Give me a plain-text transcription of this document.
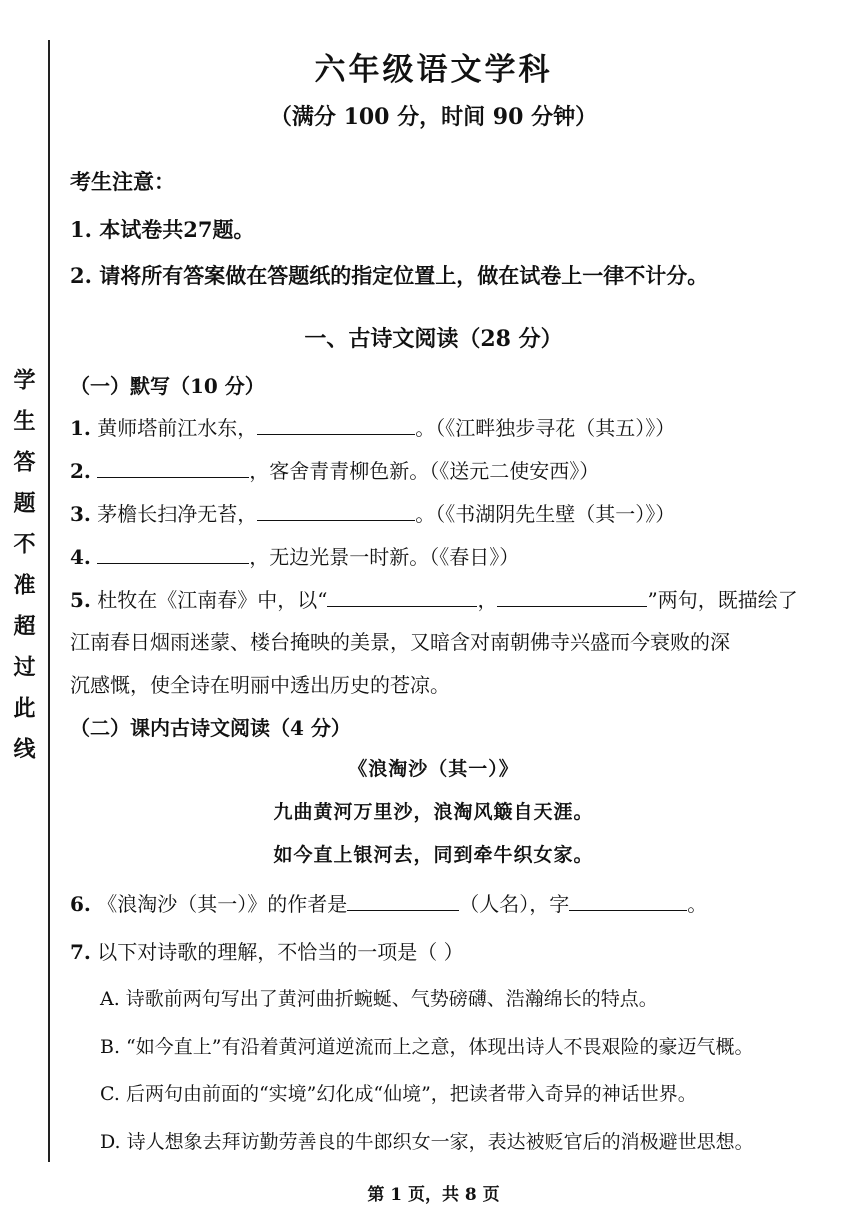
学生答题不准超过此线
六年级语文学科
（满分 100 分，时间 90 分钟）
考生注意：
1. 本试卷共27题。
2. 请将所有答案做在答题纸的指定位置上，做在试卷上一律不计分。
一、古诗文阅读（28 分）
（一）默写（10 分）
1. 黄师塔前江水东，	。（《江畔独步寻花（其五）》）
2.	，客舍青青柳色新。（《送元二使安西》）
3. 茅檐长扫净无苔，	。（《书湖阴先生壁（其一）》）
4.	，无边光景一时新。（《春日》）
5. 杜牧在《江南春》中，以“	，	”两句，既描绘了
江南春日烟雨迷蒙、楼台掩映的美景，又暗含对南朝佛寺兴盛而今衰败的深
沉感慨，使全诗在明丽中透出历史的苍凉。
（二）课内古诗文阅读（4 分）
《浪淘沙（其一）》
九曲黄河万里沙，浪淘风簸自天涯。
如今直上银河去，同到牵牛织女家。
6. 《浪淘沙（其一）》的作者是	（人名），字	。
7. 以下对诗歌的理解，不恰当的一项是（ ）
A. 诗歌前两句写出了黄河曲折蜿蜒、气势磅礴、浩瀚绵长的特点。
B. “如今直上”有沿着黄河道逆流而上之意，体现出诗人不畏艰险的豪迈气概。
C. 后两句由前面的“实境”幻化成“仙境”，把读者带入奇异的神话世界。
D. 诗人想象去拜访勤劳善良的牛郎织女一家，表达被贬官后的消极避世思想。
第 1 页，共 8 页
